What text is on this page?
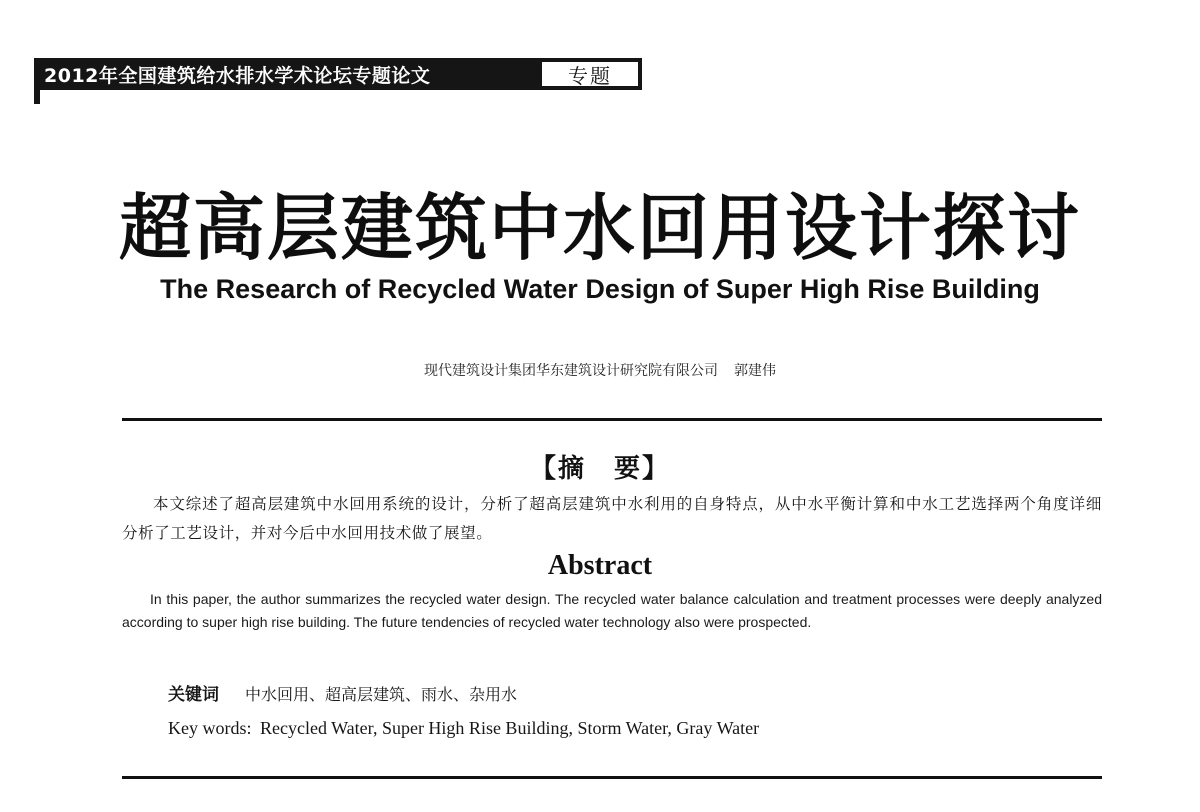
2012年全国建筑给水排水学术论坛专题论文	专题
超高层建筑中水回用设计探讨
The Research of Recycled Water Design of Super High Rise Building
现代建筑设计集团华东建筑设计研究院有限公司 郭建伟
【摘　要】
本文综述了超高层建筑中水回用系统的设计，分析了超高层建筑中水利用的自身特点，从中水平衡计算和中水工艺选择两个角度详细分析了工艺设计，并对今后中水回用技术做了展望。
Abstract
In this paper, the author summarizes the recycled water design. The recycled water balance calculation and treatment processes were deeply analyzed according to super high rise building. The future tendencies of recycled water technology also were prospected.
关键词 中水回用、超高层建筑、雨水、杂用水
Key words: Recycled Water, Super High Rise Building, Storm Water, Gray Water
